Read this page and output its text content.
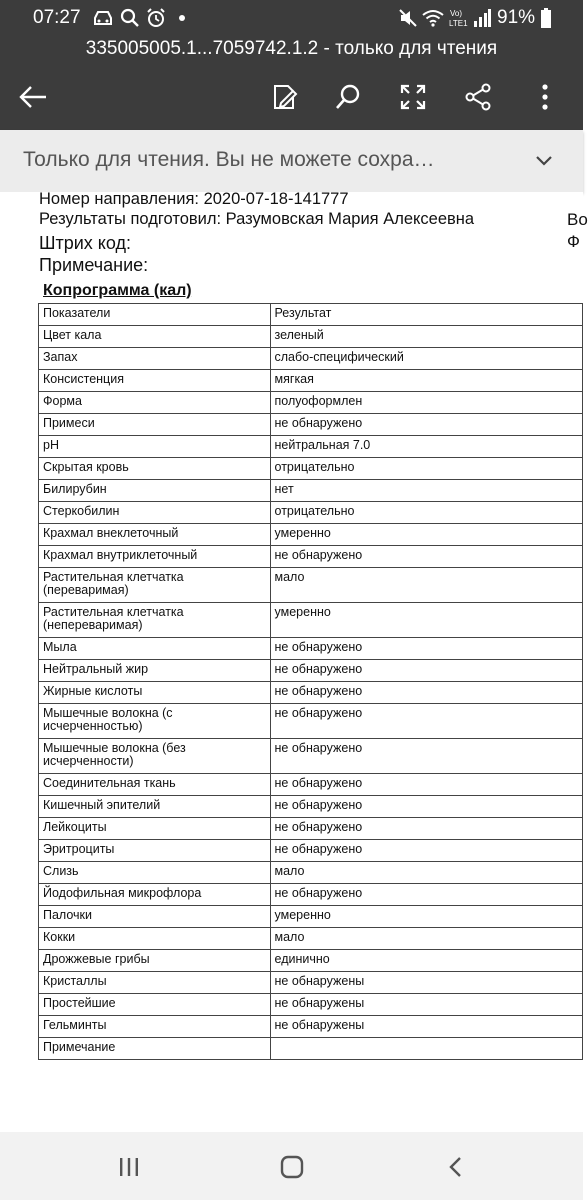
07:27	Vo)
LTE1 91%
335005005.1...7059742.1.2 - только для чтения
Только для чтения. Вы не можете сохра…
Номер направления: 2020-07-18-141777
Результаты подготовил: Разумовская Мария Алексеевна	Во
Штрих код:	Ф
Примечание:
Копрограмма (кал)
Показатели	Результат
Цвет кала	зеленый
Запах	слабо-специфический
Консистенция	мягкая
Форма	полуоформлен
Примеси	не обнаружено
pH	нейтральная 7.0
Скрытая кровь	отрицательно
Билирубин	нет
Стеркобилин	отрицательно
Крахмал внеклеточный	умеренно
Крахмал внутриклеточный	не обнаружено
Растительная клетчатка (переваримая)	мало
Растительная клетчатка (непереваримая)	умеренно
Мыла	не обнаружено
Нейтральный жир	не обнаружено
Жирные кислоты	не обнаружено
Мышечные волокна (с исчерченностью)	не обнаружено
Мышечные волокна (без исчерченности)	не обнаружено
Соединительная ткань	не обнаружено
Кишечный эпителий	не обнаружено
Лейкоциты	не обнаружено
Эритроциты	не обнаружено
Слизь	мало
Йодофильная микрофлора	не обнаружено
Палочки	умеренно
Кокки	мало
Дрожжевые грибы	единично
Кристаллы	не обнаружены
Простейшие	не обнаружены
Гельминты	не обнаружены
Примечание	
